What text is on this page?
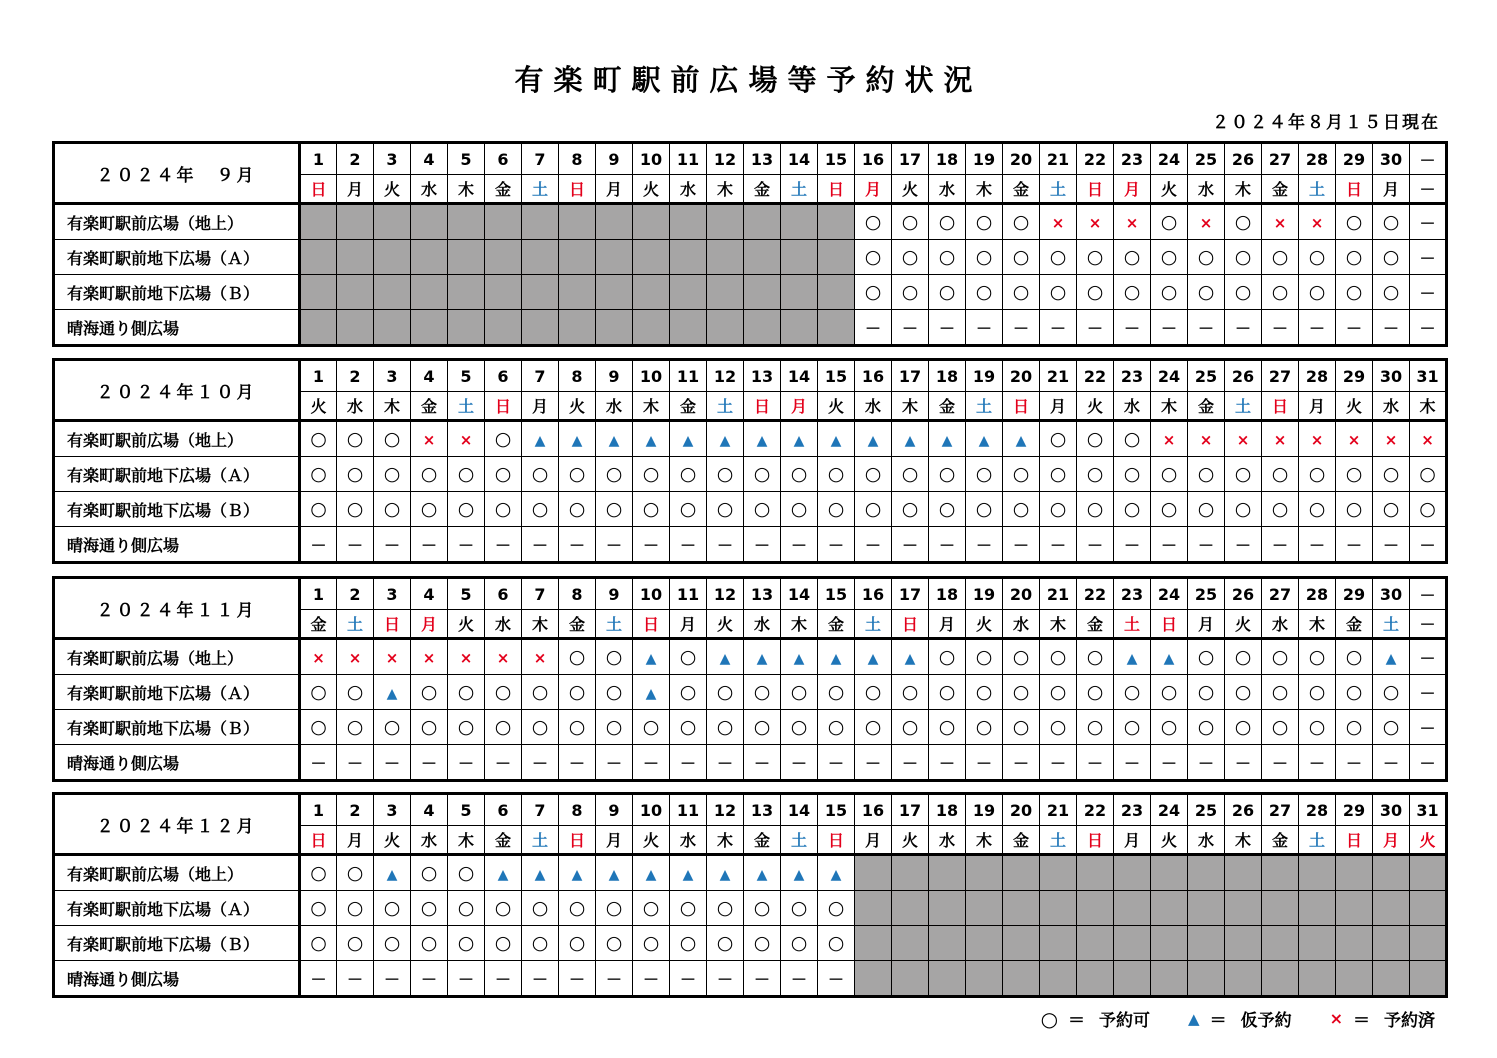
有楽町駅前広場等予約状況
２０２４年８月１５日現在
２０２４年　９月	1	2	3	4	5	6	7	8	9	10	11	12	13	14	15	16	17	18	19	20	21	22	23	24	25	26	27	28	29	30	－
	日	月	火	水	木	金	土	日	月	火	水	木	金	土	日	月	火	水	木	金	土	日	月	火	水	木	金	土	日	月	－
有楽町駅前広場（地上）																○	○	○	○	○	×	×	×	○	×	○	×	×	○	○	－
有楽町駅前地下広場（Ａ）																○	○	○	○	○	○	○	○	○	○	○	○	○	○	○	－
有楽町駅前地下広場（Ｂ）																○	○	○	○	○	○	○	○	○	○	○	○	○	○	○	－
晴海通り側広場																－	－	－	－	－	－	－	－	－	－	－	－	－	－	－	－
２０２４年１０月	1	2	3	4	5	6	7	8	9	10	11	12	13	14	15	16	17	18	19	20	21	22	23	24	25	26	27	28	29	30	31
	火	水	木	金	土	日	月	火	水	木	金	土	日	月	火	水	木	金	土	日	月	火	水	木	金	土	日	月	火	水	木
有楽町駅前広場（地上）	○	○	○	×	×	○	▲	▲	▲	▲	▲	▲	▲	▲	▲	▲	▲	▲	▲	▲	○	○	○	×	×	×	×	×	×	×	×
有楽町駅前地下広場（Ａ）	○	○	○	○	○	○	○	○	○	○	○	○	○	○	○	○	○	○	○	○	○	○	○	○	○	○	○	○	○	○	○
有楽町駅前地下広場（Ｂ）	○	○	○	○	○	○	○	○	○	○	○	○	○	○	○	○	○	○	○	○	○	○	○	○	○	○	○	○	○	○	○
晴海通り側広場	－	－	－	－	－	－	－	－	－	－	－	－	－	－	－	－	－	－	－	－	－	－	－	－	－	－	－	－	－	－	－
２０２４年１１月	1	2	3	4	5	6	7	8	9	10	11	12	13	14	15	16	17	18	19	20	21	22	23	24	25	26	27	28	29	30	－
	金	土	日	月	火	水	木	金	土	日	月	火	水	木	金	土	日	月	火	水	木	金	土	日	月	火	水	木	金	土	－
有楽町駅前広場（地上）	×	×	×	×	×	×	×	○	○	▲	○	▲	▲	▲	▲	▲	▲	○	○	○	○	○	▲	▲	○	○	○	○	○	▲	－
有楽町駅前地下広場（Ａ）	○	○	▲	○	○	○	○	○	○	▲	○	○	○	○	○	○	○	○	○	○	○	○	○	○	○	○	○	○	○	○	－
有楽町駅前地下広場（Ｂ）	○	○	○	○	○	○	○	○	○	○	○	○	○	○	○	○	○	○	○	○	○	○	○	○	○	○	○	○	○	○	－
晴海通り側広場	－	－	－	－	－	－	－	－	－	－	－	－	－	－	－	－	－	－	－	－	－	－	－	－	－	－	－	－	－	－	－
２０２４年１２月	1	2	3	4	5	6	7	8	9	10	11	12	13	14	15	16	17	18	19	20	21	22	23	24	25	26	27	28	29	30	31
	日	月	火	水	木	金	土	日	月	火	水	木	金	土	日	月	火	水	木	金	土	日	月	火	水	木	金	土	日	月	火
有楽町駅前広場（地上）	○	○	▲	○	○	▲	▲	▲	▲	▲	▲	▲	▲	▲	▲																
有楽町駅前地下広場（Ａ）	○	○	○	○	○	○	○	○	○	○	○	○	○	○	○																
有楽町駅前地下広場（Ｂ）	○	○	○	○	○	○	○	○	○	○	○	○	○	○	○																
晴海通り側広場	－	－	－	－	－	－	－	－	－	－	－	－	－	－	－																
○ ＝ 予約可	▲ ＝ 仮予約 × ＝ 予約済
